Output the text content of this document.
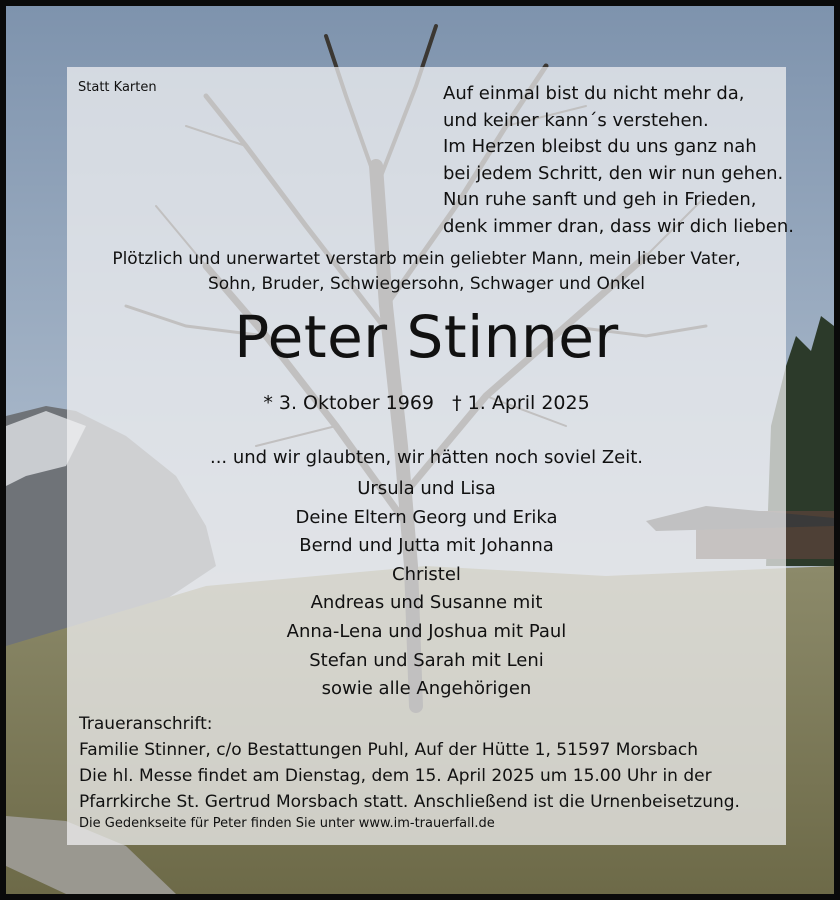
Statt Karten	Auf einmal bist du nicht mehr da,
und keiner kann´s verstehen.
Im Herzen bleibst du uns ganz nah
bei jedem Schritt, den wir nun gehen.
Nun ruhe sanft und geh in Frieden,
denk immer dran, dass wir dich lieben.
Plötzlich und unerwartet verstarb mein geliebter Mann, mein lieber Vater,
Sohn, Bruder, Schwiegersohn, Schwager und Onkel
Peter Stinner
* 3. Oktober 1969 † 1. April 2025
... und wir glaubten, wir hätten noch soviel Zeit.
Ursula und Lisa
Deine Eltern Georg und Erika
Bernd und Jutta mit Johanna
Christel
Andreas und Susanne mit
Anna-Lena und Joshua mit Paul
Stefan und Sarah mit Leni
sowie alle Angehörigen
Traueranschrift:
Familie Stinner, c/o Bestattungen Puhl, Auf der Hütte 1, 51597 Morsbach
Die hl. Messe findet am Dienstag, dem 15. April 2025 um 15.00 Uhr in der
Pfarrkirche St. Gertrud Morsbach statt. Anschließend ist die Urnenbeisetzung.
Die Gedenkseite für Peter finden Sie unter www.im-trauerfall.de
